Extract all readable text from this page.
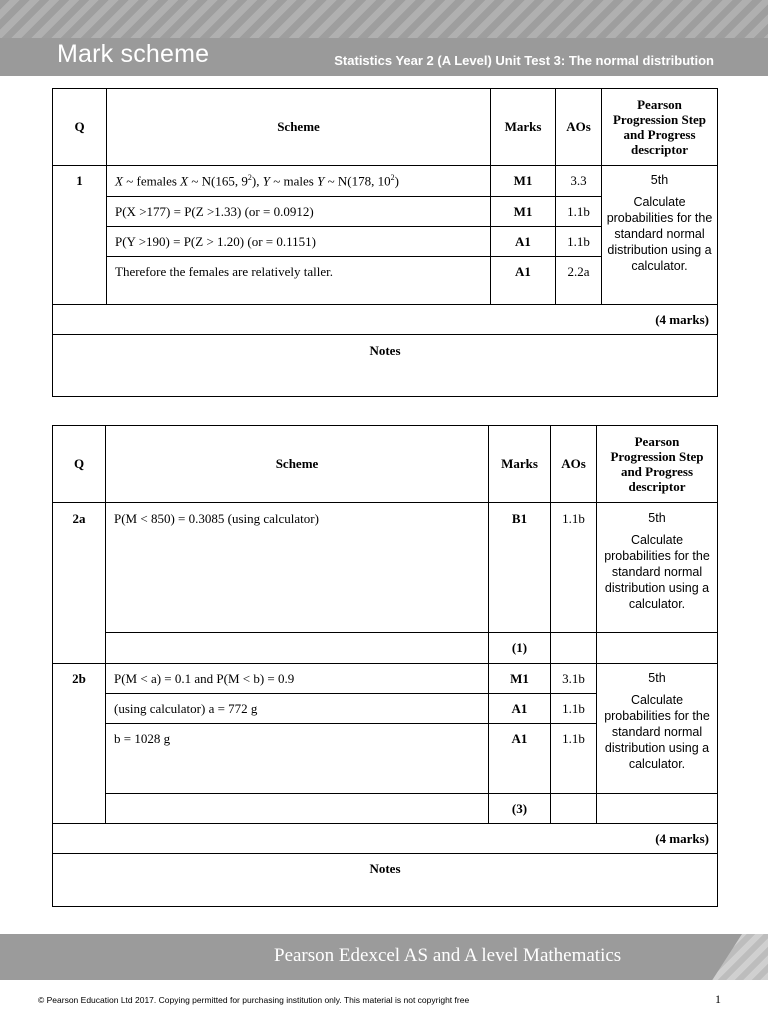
Mark scheme	Statistics Year 2 (A Level) Unit Test 3: The normal distribution
Q	Scheme	Marks	AOs	Pearson Progression Step and Progress descriptor
1	X ~ females X ~ N(165, $9^2$), Y ~ males Y ~ N(178, $10^2$)	M1	3.3	5th
Calculate probabilities for the standard normal distribution using a calculator.
	P(X >177) = P(Z >1.33) (or = 0.0912)	M1	1.1b	
	P(Y >190) = P(Z > 1.20) (or = 0.1151)	A1	1.1b	
	Therefore the females are relatively taller.	A1	2.2a	
(4 marks)				
Notes				
Q	Scheme	Marks	AOs	Pearson Progression Step and Progress descriptor
2a	P(M < 850) = 0.3085 (using calculator)	B1	1.1b	5th
Calculate probabilities for the standard normal distribution using a calculator.
		(1)		
2b	P(M < a) = 0.1 and P(M < b) = 0.9	M1	3.1b	5th
Calculate probabilities for the standard normal distribution using a calculator.
	(using calculator) a = 772 g	A1	1.1b	
	b = 1028 g	A1	1.1b	
		(3)		
(4 marks)				
Notes				
Pearson Edexcel AS and A level Mathematics
© Pearson Education Ltd 2017. Copying permitted for purchasing institution only. This material is not copyright free	1
